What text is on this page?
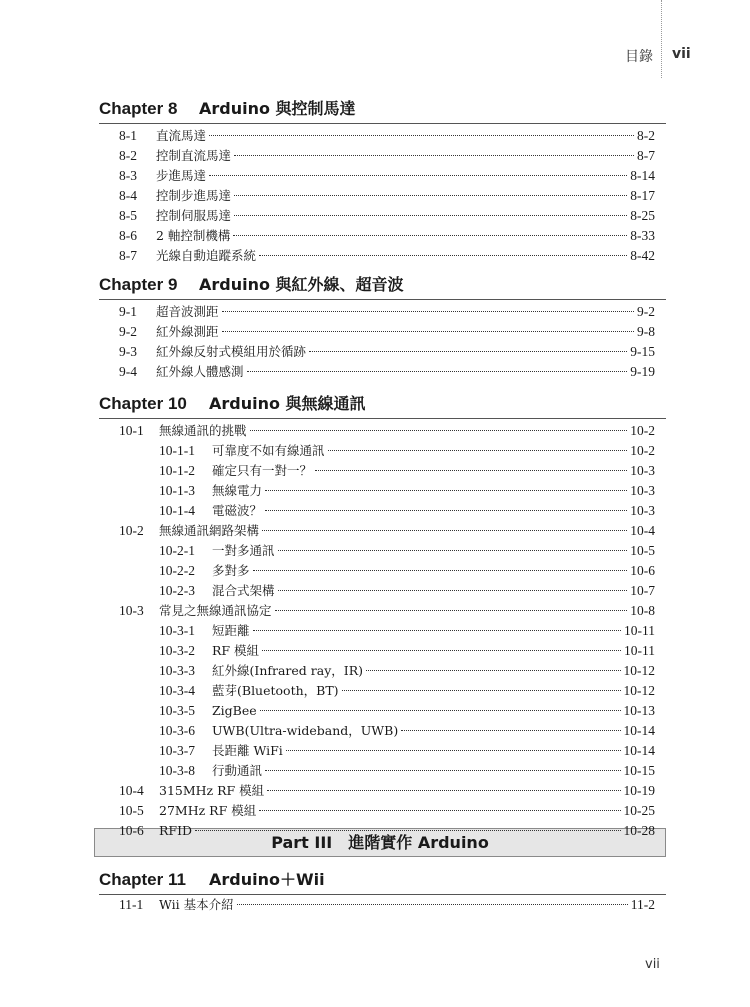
目錄 vii
Chapter 8 Arduino 與控制馬達
Chapter 9 Arduino 與紅外線、超音波
Chapter 10 Arduino 與無線通訊
Part III　進階實作 Arduino
Chapter 11 Arduino＋Wii
8-1	直流馬達	8-2
8-2	控制直流馬達	8-7
8-3	步進馬達	8-14
8-4	控制步進馬達	8-17
8-5	控制伺服馬達	8-25
8-6	2 軸控制機構	8-33
8-7	光線自動追蹤系統	8-42
9-1	超音波測距	9-2
9-2	紅外線測距	9-8
9-3	紅外線反射式模組用於循跡	9-15
9-4	紅外線人體感測	9-19
10-1	無線通訊的挑戰	10-2
10-1-1	可靠度不如有線通訊	10-2
10-1-2	確定只有一對一？	10-3
10-1-3	無線電力	10-3
10-1-4	電磁波？	10-3
10-2	無線通訊網路架構	10-4
10-2-1	一對多通訊	10-5
10-2-2	多對多	10-6
10-2-3	混合式架構	10-7
10-3	常見之無線通訊協定	10-8
10-3-1	短距離	10-11
10-3-2	RF 模組	10-11
10-3-3	紅外線(Infrared ray，IR)	10-12
10-3-4	藍芽(Bluetooth，BT)	10-12
10-3-5	ZigBee	10-13
10-3-6	UWB(Ultra-wideband，UWB)	10-14
10-3-7	長距離 WiFi	10-14
10-3-8	行動通訊	10-15
10-4	315MHz RF 模組	10-19
10-5	27MHz RF 模組	10-25
10-6	RFID	10-28
11-1	Wii 基本介紹	11-2
vii
